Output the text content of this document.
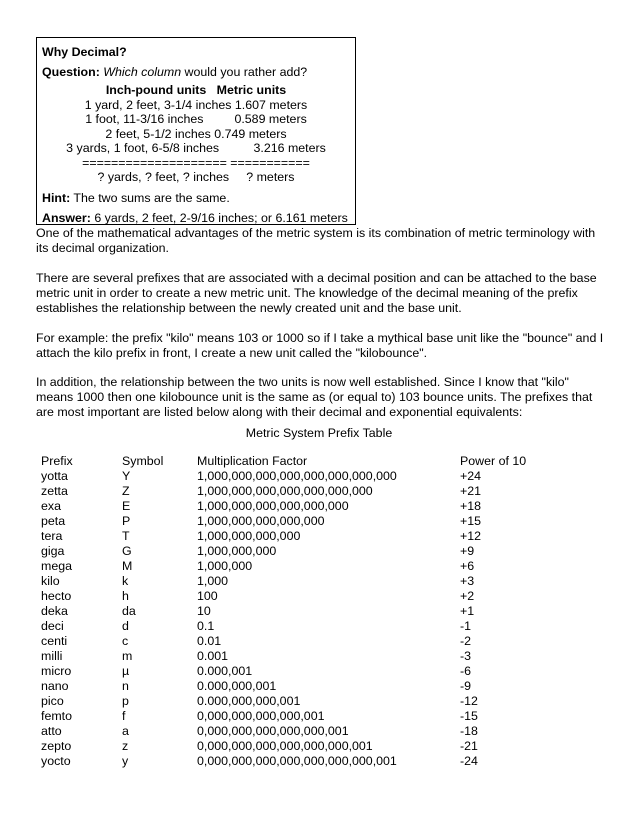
Why Decimal?
Question: Which column would you rather add?
Inch-pound units Metric units
1 yard, 2 feet, 3-1/4 inches 1.607 meters
1 foot, 11-3/16 inches         0.589 meters
2 feet, 5-1/2 inches 0.749 meters
3 yards, 1 foot, 6-5/8 inches          3.216 meters
==================== ===========
? yards, ? feet, ? inches     ? meters
Hint: The two sums are the same.
Answer: 6 yards, 2 feet, 2-9/16 inches; or 6.161 meters
One of the mathematical advantages of the metric system is its combination of metric terminology with its decimal organization.
There are several prefixes that are associated with a decimal position and can be attached to the base metric unit in order to create a new metric unit. The knowledge of the decimal meaning of the prefix establishes the relationship between the newly created unit and the base unit.
For example: the prefix "kilo" means 103 or 1000 so if I take a mythical base unit like the "bounce" and I attach the kilo prefix in front, I create a new unit called the "kilobounce".
In addition, the relationship between the two units is now well established. Since I know that "kilo" means 1000 then one kilobounce unit is the same as (or equal to) 103 bounce units. The prefixes that are most important are listed below along with their decimal and exponential equivalents:
Metric System Prefix Table
Prefix	Symbol	Multiplication Factor	Power of 10
yotta	Y	1,000,000,000,000,000,000,000,000	+24
zetta	Z	1,000,000,000,000,000,000,000	+21
exa	E	1,000,000,000,000,000,000	+18
peta	P	1,000,000,000,000,000	+15
tera	T	1,000,000,000,000	+12
giga	G	1,000,000,000	+9
mega	M	1,000,000	+6
kilo	k	1,000	+3
hecto	h	100	+2
deka	da	10	+1
deci	d	0.1	-1
centi	c	0.01	-2
milli	m	0.001	-3
micro	µ	0.000,001	-6
nano	n	0.000,000,001	-9
pico	p	0.000,000,000,001	-12
femto	f	0,000,000,000,000,001	-15
atto	a	0,000,000,000,000,000,001	-18
zepto	z	0,000,000,000,000,000,000,001	-21
yocto	y	0,000,000,000,000,000,000,000,001	-24
